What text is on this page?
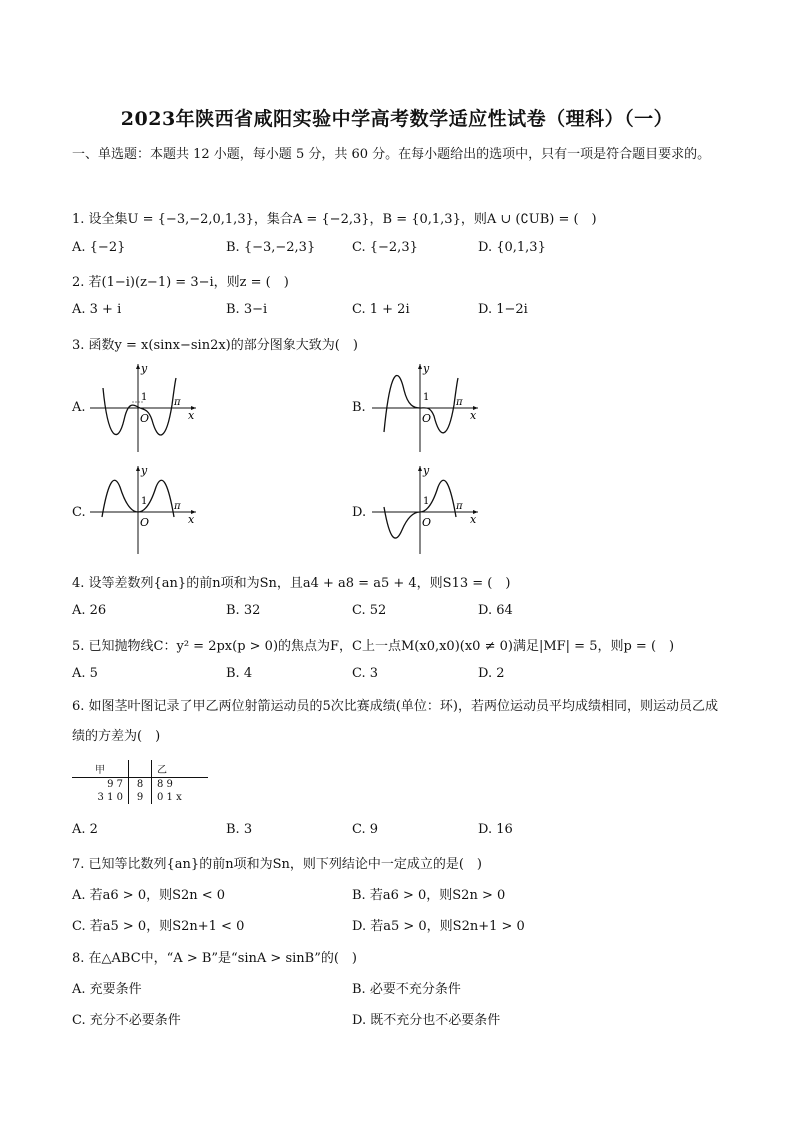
2023年陕西省咸阳实验中学高考数学适应性试卷（理科）（一）
一、单选题：本题共 12 小题，每小题 5 分，共 60 分。在每小题给出的选项中，只有一项是符合题目要求的。
1. 设全集U = {−3,−2,0,1,3}，集合A = {−2,3}，B = {0,1,3}，则A ∪ (∁UB) = (　)
A. {−2}	B. {−3,−2,3}	C. {−2,3}	D. {0,1,3}
2. 若(1−i)(z−1) = 3−i，则z = (　)
A. 3 + i	B. 3−i	C. 1 + 2i	D. 1−2i
3. 函数y = x(sinx−sin2x)的部分图象大致为(　)
A.
y
x
1
O
π	B.
y
x
1
O
π
C.
y
x
1
O
π	D.
y
x
1
O
π
4. 设等差数列{an}的前n项和为Sn，且a4 + a8 = a5 + 4，则S13 = (　)
A. 26	B. 32	C. 52	D. 64
5. 已知抛物线C：y² = 2px(p > 0)的焦点为F，C上一点M(x0,x0)(x0 ≠ 0)满足|MF| = 5，则p = (　)
A. 5	B. 4	C. 3	D. 2
6. 如图茎叶图记录了甲乙两位射箭运动员的5次比赛成绩(单位：环)，若两位运动员平均成绩相同，则运动员乙成绩的方差为(　)
甲		乙
9 7	8	8 9
3 1 0	9	0 1 x
A. 2	B. 3	C. 9	D. 16
7. 已知等比数列{an}的前n项和为Sn，则下列结论中一定成立的是(　)
A. 若a6 > 0，则S2n < 0	B. 若a6 > 0，则S2n > 0
C. 若a5 > 0，则S2n+1 < 0	D. 若a5 > 0，则S2n+1 > 0
8. 在△ABC中，“A > B”是“sinA > sinB”的(　)
A. 充要条件	B. 必要不充分条件
C. 充分不必要条件	D. 既不充分也不必要条件
